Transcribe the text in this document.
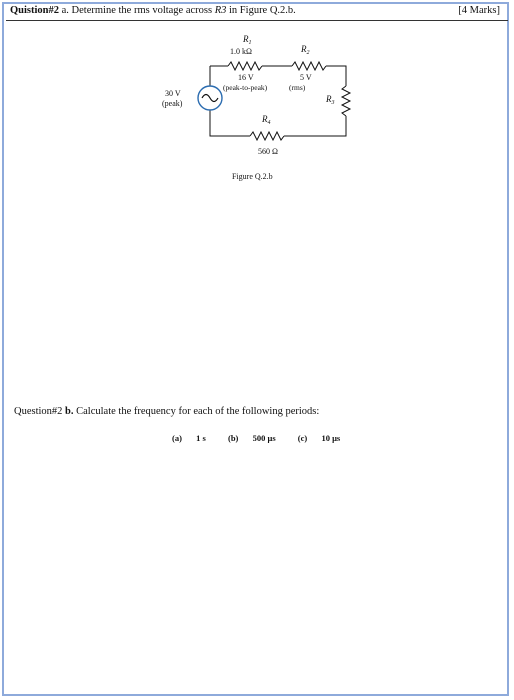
Quistion#2 a. Determine the rms voltage across R3 in Figure Q.2.b.	[4 Marks]
$R_1$
1.0 kΩ
16 V
(peak-to-peak)
$R_2$
5 V
(rms)
$R_3$
$R_4$
560 Ω
30 V
(peak)
Figure Q.2.b
Question#2 b. Calculate the frequency for each of the following periods:
(a) 1 s	(b) 500 μs	(c) 10 μs
